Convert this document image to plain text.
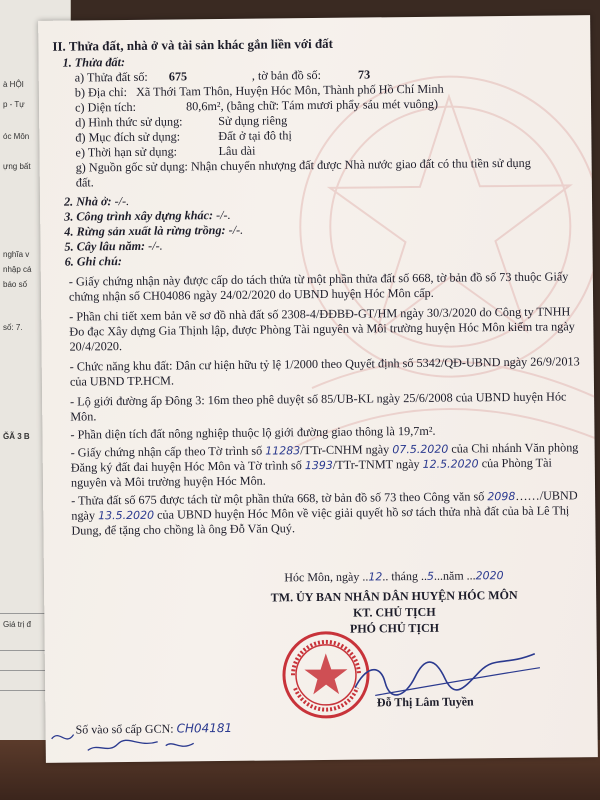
à HỘI
p - Tự
óc Môn
ựng bất
nghĩa v
nhập cá
báo số
số: 7.
ĞÃ 3 B
Giá trị đ
II. Thửa đất, nhà ở và tài sản khác gắn liền với đất
1. Thửa đất:
a) Thửa đất số: 675	, tờ bản đồ số:	73
b) Địa chỉ: Xã Thới Tam Thôn, Huyện Hóc Môn, Thành phố Hồ Chí Minh
c) Diện tích:	80,6m², (bằng chữ: Tám mươi phẩy sáu mét vuông)
d) Hình thức sử dụng:	Sử dụng riêng
đ) Mục đích sử dụng:	Đất ở tại đô thị
e) Thời hạn sử dụng:	Lâu dài
g) Nguồn gốc sử dụng: Nhận chuyển nhượng đất được Nhà nước giao đất có thu tiền sử dụng đất.
2. Nhà ở: -/-.
3. Công trình xây dựng khác: -/-.
4. Rừng sản xuất là rừng trồng: -/-.
5. Cây lâu năm: -/-.
6. Ghi chú:
- Giấy chứng nhận này được cấp do tách thửa từ một phần thửa đất số 668, tờ bản đồ số 73 thuộc Giấy chứng nhận số CH04086 ngày 24/02/2020 do UBND huyện Hóc Môn cấp.
- Phần chi tiết xem bản vẽ sơ đồ nhà đất số 2308-4/ĐĐBĐ-GT/HM ngày 30/3/2020 do Công ty TNHH Đo đạc Xây dựng Gia Thịnh lập, được Phòng Tài nguyên và Môi trường huyện Hóc Môn kiểm tra ngày 20/4/2020.
- Chức năng khu đất: Dân cư hiện hữu tỷ lệ 1/2000 theo Quyết định số 5342/QĐ-UBND ngày 26/9/2013 của UBND TP.HCM.
- Lộ giới đường ấp Đông 3: 16m theo phê duyệt số 85/UB-KL ngày 25/6/2008 của UBND huyện Hóc Môn.
- Phần diện tích đất nông nghiệp thuộc lộ giới đường giao thông là 19,7m².
- Giấy chứng nhận cấp theo Tờ trình số 11283/TTr-CNHM ngày 07.5.2020 của Chi nhánh Văn phòng Đăng ký đất đai huyện Hóc Môn và Tờ trình số 1393/TTr-TNMT ngày 12.5.2020 của Phòng Tài nguyên và Môi trường huyện Hóc Môn.
- Thửa đất số 675 được tách từ một phần thửa 668, tờ bản đồ số 73 theo Công văn số 2098……/UBND ngày 13.5.2020 của UBND huyện Hóc Môn về việc giải quyết hồ sơ tách thửa nhà đất của bà Lê Thị Dung, để tặng cho chồng là ông Đỗ Văn Quý.
Hóc Môn, ngày ..12.. tháng ..5...năm ...2020
TM. ỦY BAN NHÂN DÂN HUYỆN HÓC MÔN
KT. CHỦ TỊCH
PHÓ CHỦ TỊCH
Đỗ Thị Lâm Tuyền
Số vào sổ cấp GCN: CH04181
